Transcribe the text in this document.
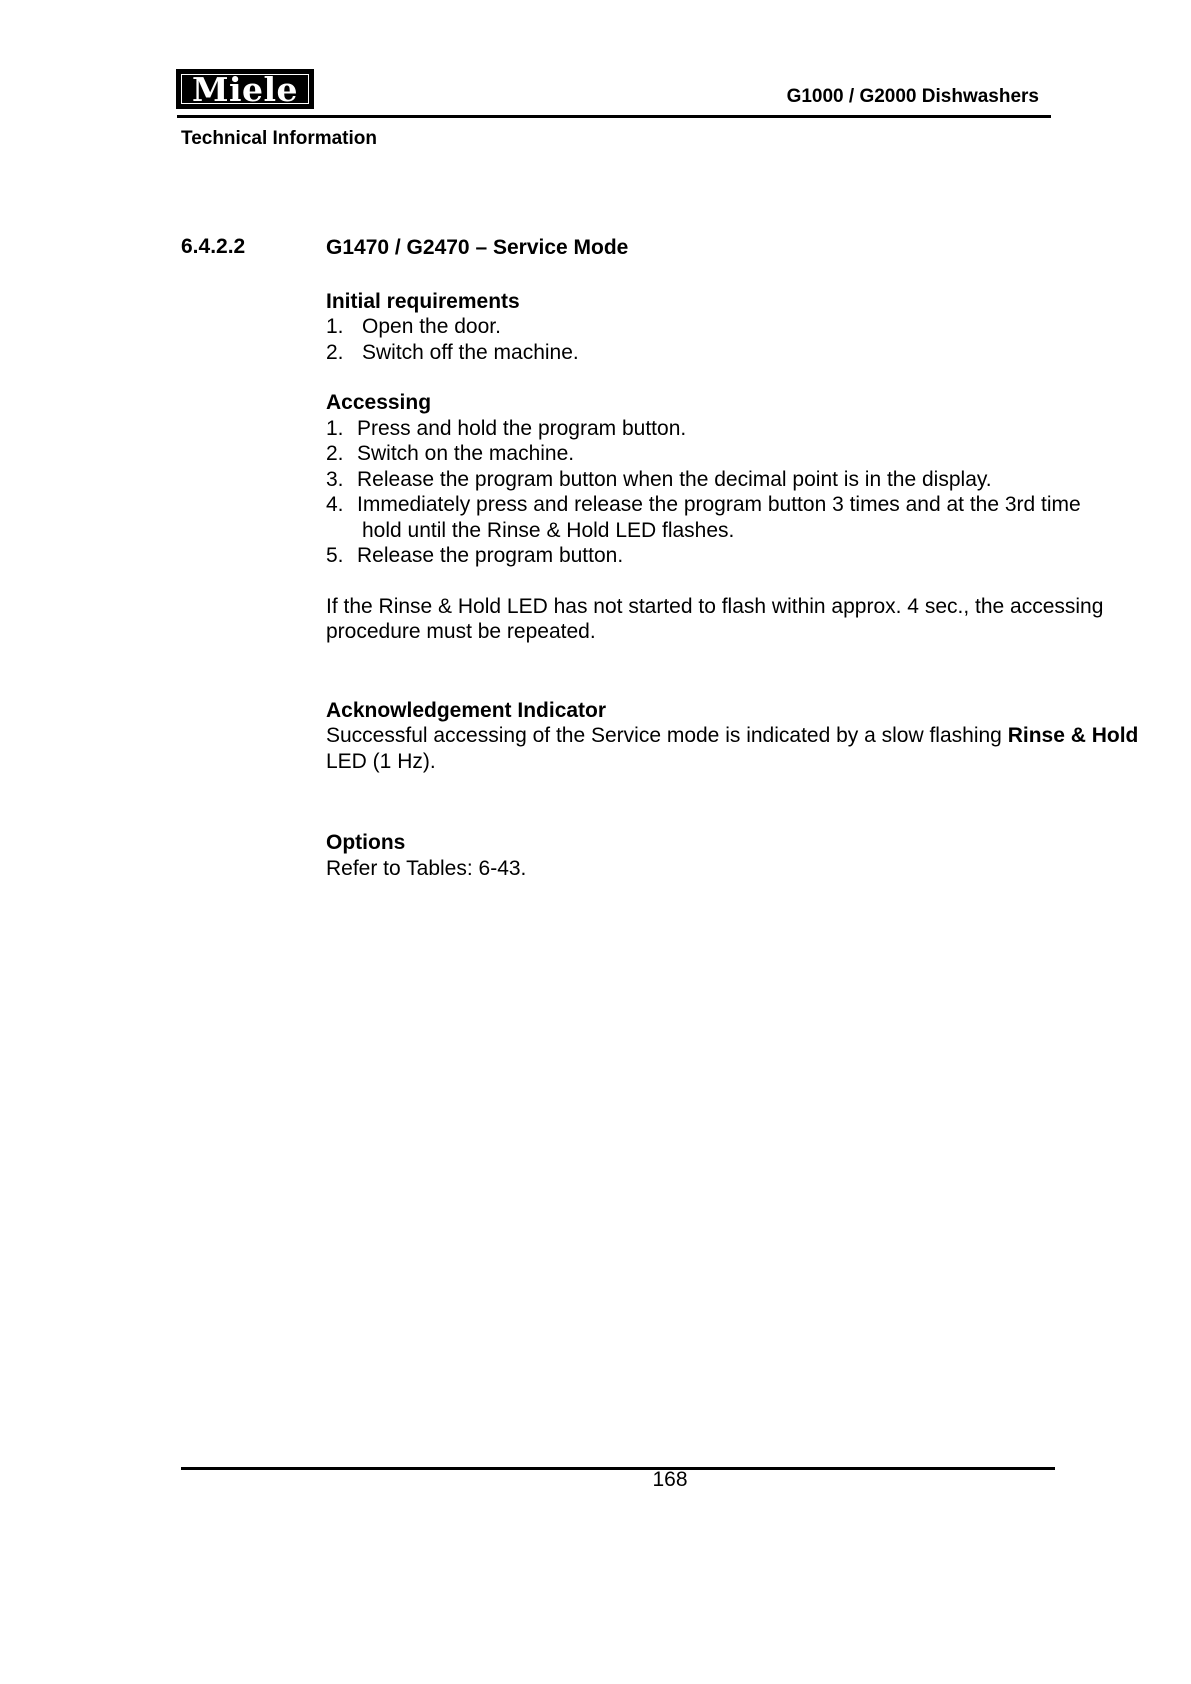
Miele	G1000 / G2000 Dishwashers
Technical Information
6.4.2.2	G1470 / G2470 – Service Mode
Initial requirements
1. Open the door.
2. Switch off the machine.
Accessing
1. Press and hold the program button.
2. Switch on the machine.
3. Release the program button when the decimal point is in the display.
4. Immediately press and release the program button 3 times and at the 3rd time
hold until the Rinse & Hold LED flashes.
5. Release the program button.
If the Rinse & Hold LED has not started to flash within approx. 4 sec., the accessing procedure must be repeated.
Acknowledgement Indicator
Successful accessing of the Service mode is indicated by a slow flashing Rinse & Hold LED (1 Hz).
Options
Refer to Tables: 6-43.
168
